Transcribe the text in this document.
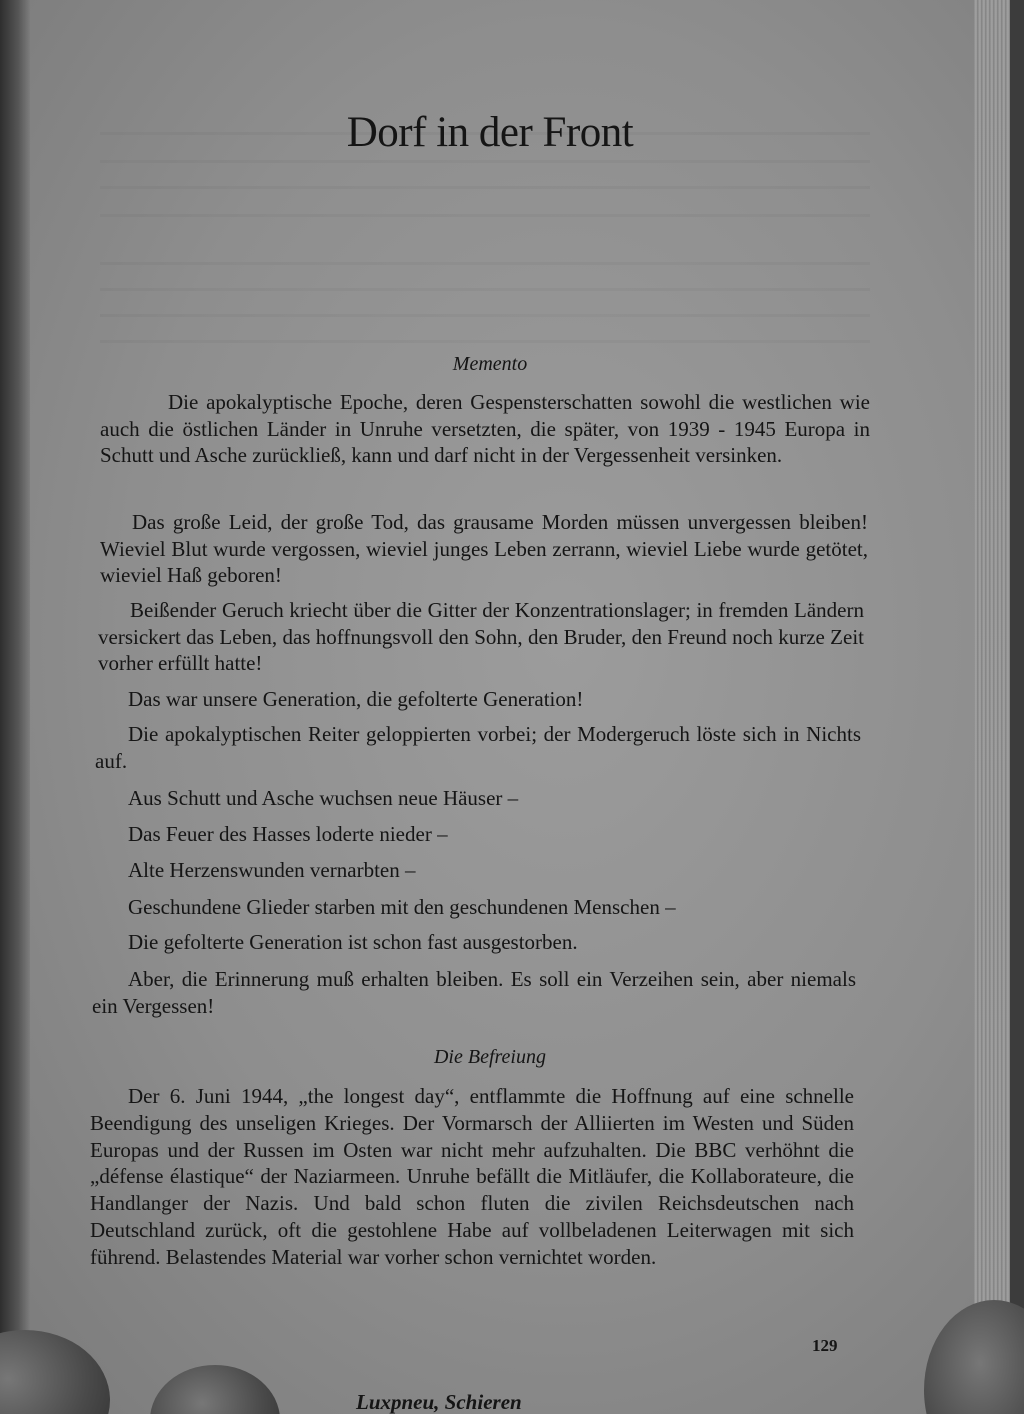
Dorf in der Front
Memento
Die apokalyptische Epoche, deren Gespensterschatten sowohl die westlichen wie auch die östlichen Länder in Unruhe versetzten, die später, von 1939 - 1945 Europa in Schutt und Asche zurückließ, kann und darf nicht in der Vergessenheit versinken.
Das große Leid, der große Tod, das grausame Morden müssen unvergessen bleiben! Wieviel Blut wurde vergossen, wieviel junges Leben zerrann, wieviel Liebe wurde getötet, wieviel Haß geboren!
Beißender Geruch kriecht über die Gitter der Konzentrationslager; in fremden Ländern versickert das Leben, das hoffnungsvoll den Sohn, den Bruder, den Freund noch kurze Zeit vorher erfüllt hatte!
Das war unsere Generation, die gefolterte Generation!
Die apokalyptischen Reiter geloppierten vorbei; der Modergeruch löste sich in Nichts auf.
Aus Schutt und Asche wuchsen neue Häuser –
Das Feuer des Hasses loderte nieder –
Alte Herzenswunden vernarbten –
Geschundene Glieder starben mit den geschundenen Menschen –
Die gefolterte Generation ist schon fast ausgestorben.
Aber, die Erinnerung muß erhalten bleiben. Es soll ein Verzeihen sein, aber niemals ein Vergessen!
Die Befreiung
Der 6. Juni 1944, „the longest day“, entflammte die Hoffnung auf eine schnelle Beendigung des unseligen Krieges. Der Vormarsch der Alliierten im Westen und Süden Europas und der Russen im Osten war nicht mehr aufzuhalten. Die BBC verhöhnt die „défense élastique“ der Naziarmeen. Unruhe befällt die Mitläufer, die Kollaborateure, die Handlanger der Nazis. Und bald schon fluten die zivilen Reichsdeutschen nach Deutschland zurück, oft die gestohlene Habe auf vollbeladenen Leiterwagen mit sich führend. Belastendes Material war vorher schon vernichtet worden.
129
Luxpneu, Schieren
